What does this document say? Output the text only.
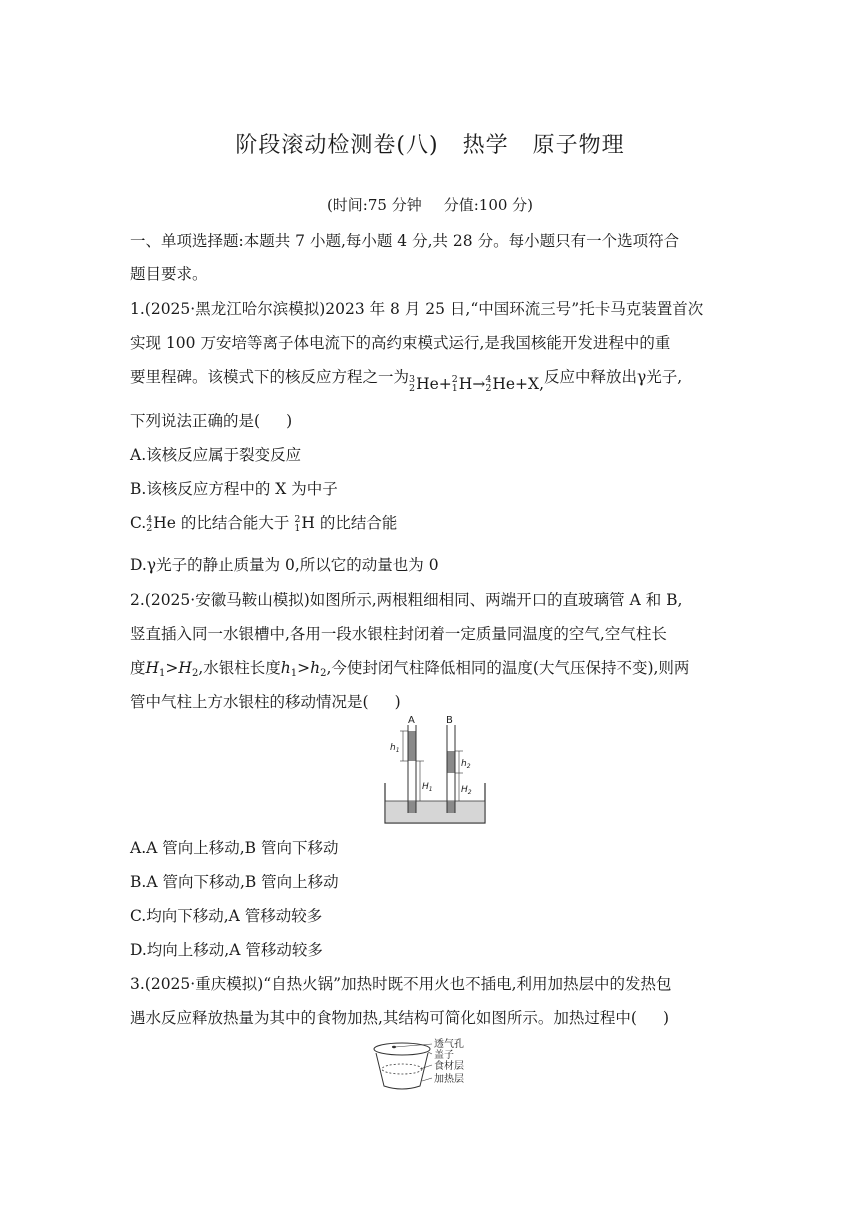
阶段滚动检测卷(八) 热学 原子物理
(时间:75 分钟 分值:100 分)
一、单项选择题:本题共 7 小题,每小题 4 分,共 28 分。每小题只有一个选项符合
题目要求。
1.(2025·黑龙江哈尔滨模拟)2023 年 8 月 25 日,“中国环流三号”托卡马克装置首次
实现 100 万安培等离子体电流下的高约束模式运行,是我国核能开发进程中的重
要里程碑。该模式下的核反应方程之一为 3
2 He+ 2
1 H→ 4
2 He+X, 反应中释放出γ光子,
下列说法正确的是( )
A.该核反应属于裂变反应
B.该核反应方程中的 X 为中子
C. 4
2 He 的比结合能大于 2
1 H 的比结合能
D.γ光子的静止质量为 0,所以它的动量也为 0
2.(2025·安徽马鞍山模拟)如图所示,两根粗细相同、两端开口的直玻璃管 A 和 B,
竖直插入同一水银槽中,各用一段水银柱封闭着一定质量同温度的空气,空气柱长
度$H_1>H_2$,水银柱长度$h_1>h_2$,今使封闭气柱降低相同的温度(大气压保持不变),则两
管中气柱上方水银柱的移动情况是( )
A	B
$h_1$
$H_1$
$h_2$
$H_2$
A.A 管向上移动,B 管向下移动
B.A 管向下移动,B 管向上移动
C.均向下移动,A 管移动较多
D.均向上移动,A 管移动较多
3.(2025·重庆模拟)“自热火锅”加热时既不用火也不插电,利用加热层中的发热包
遇水反应释放热量为其中的食物加热,其结构可简化如图所示。加热过程中( )
透气孔
盖子
食材层
加热层
